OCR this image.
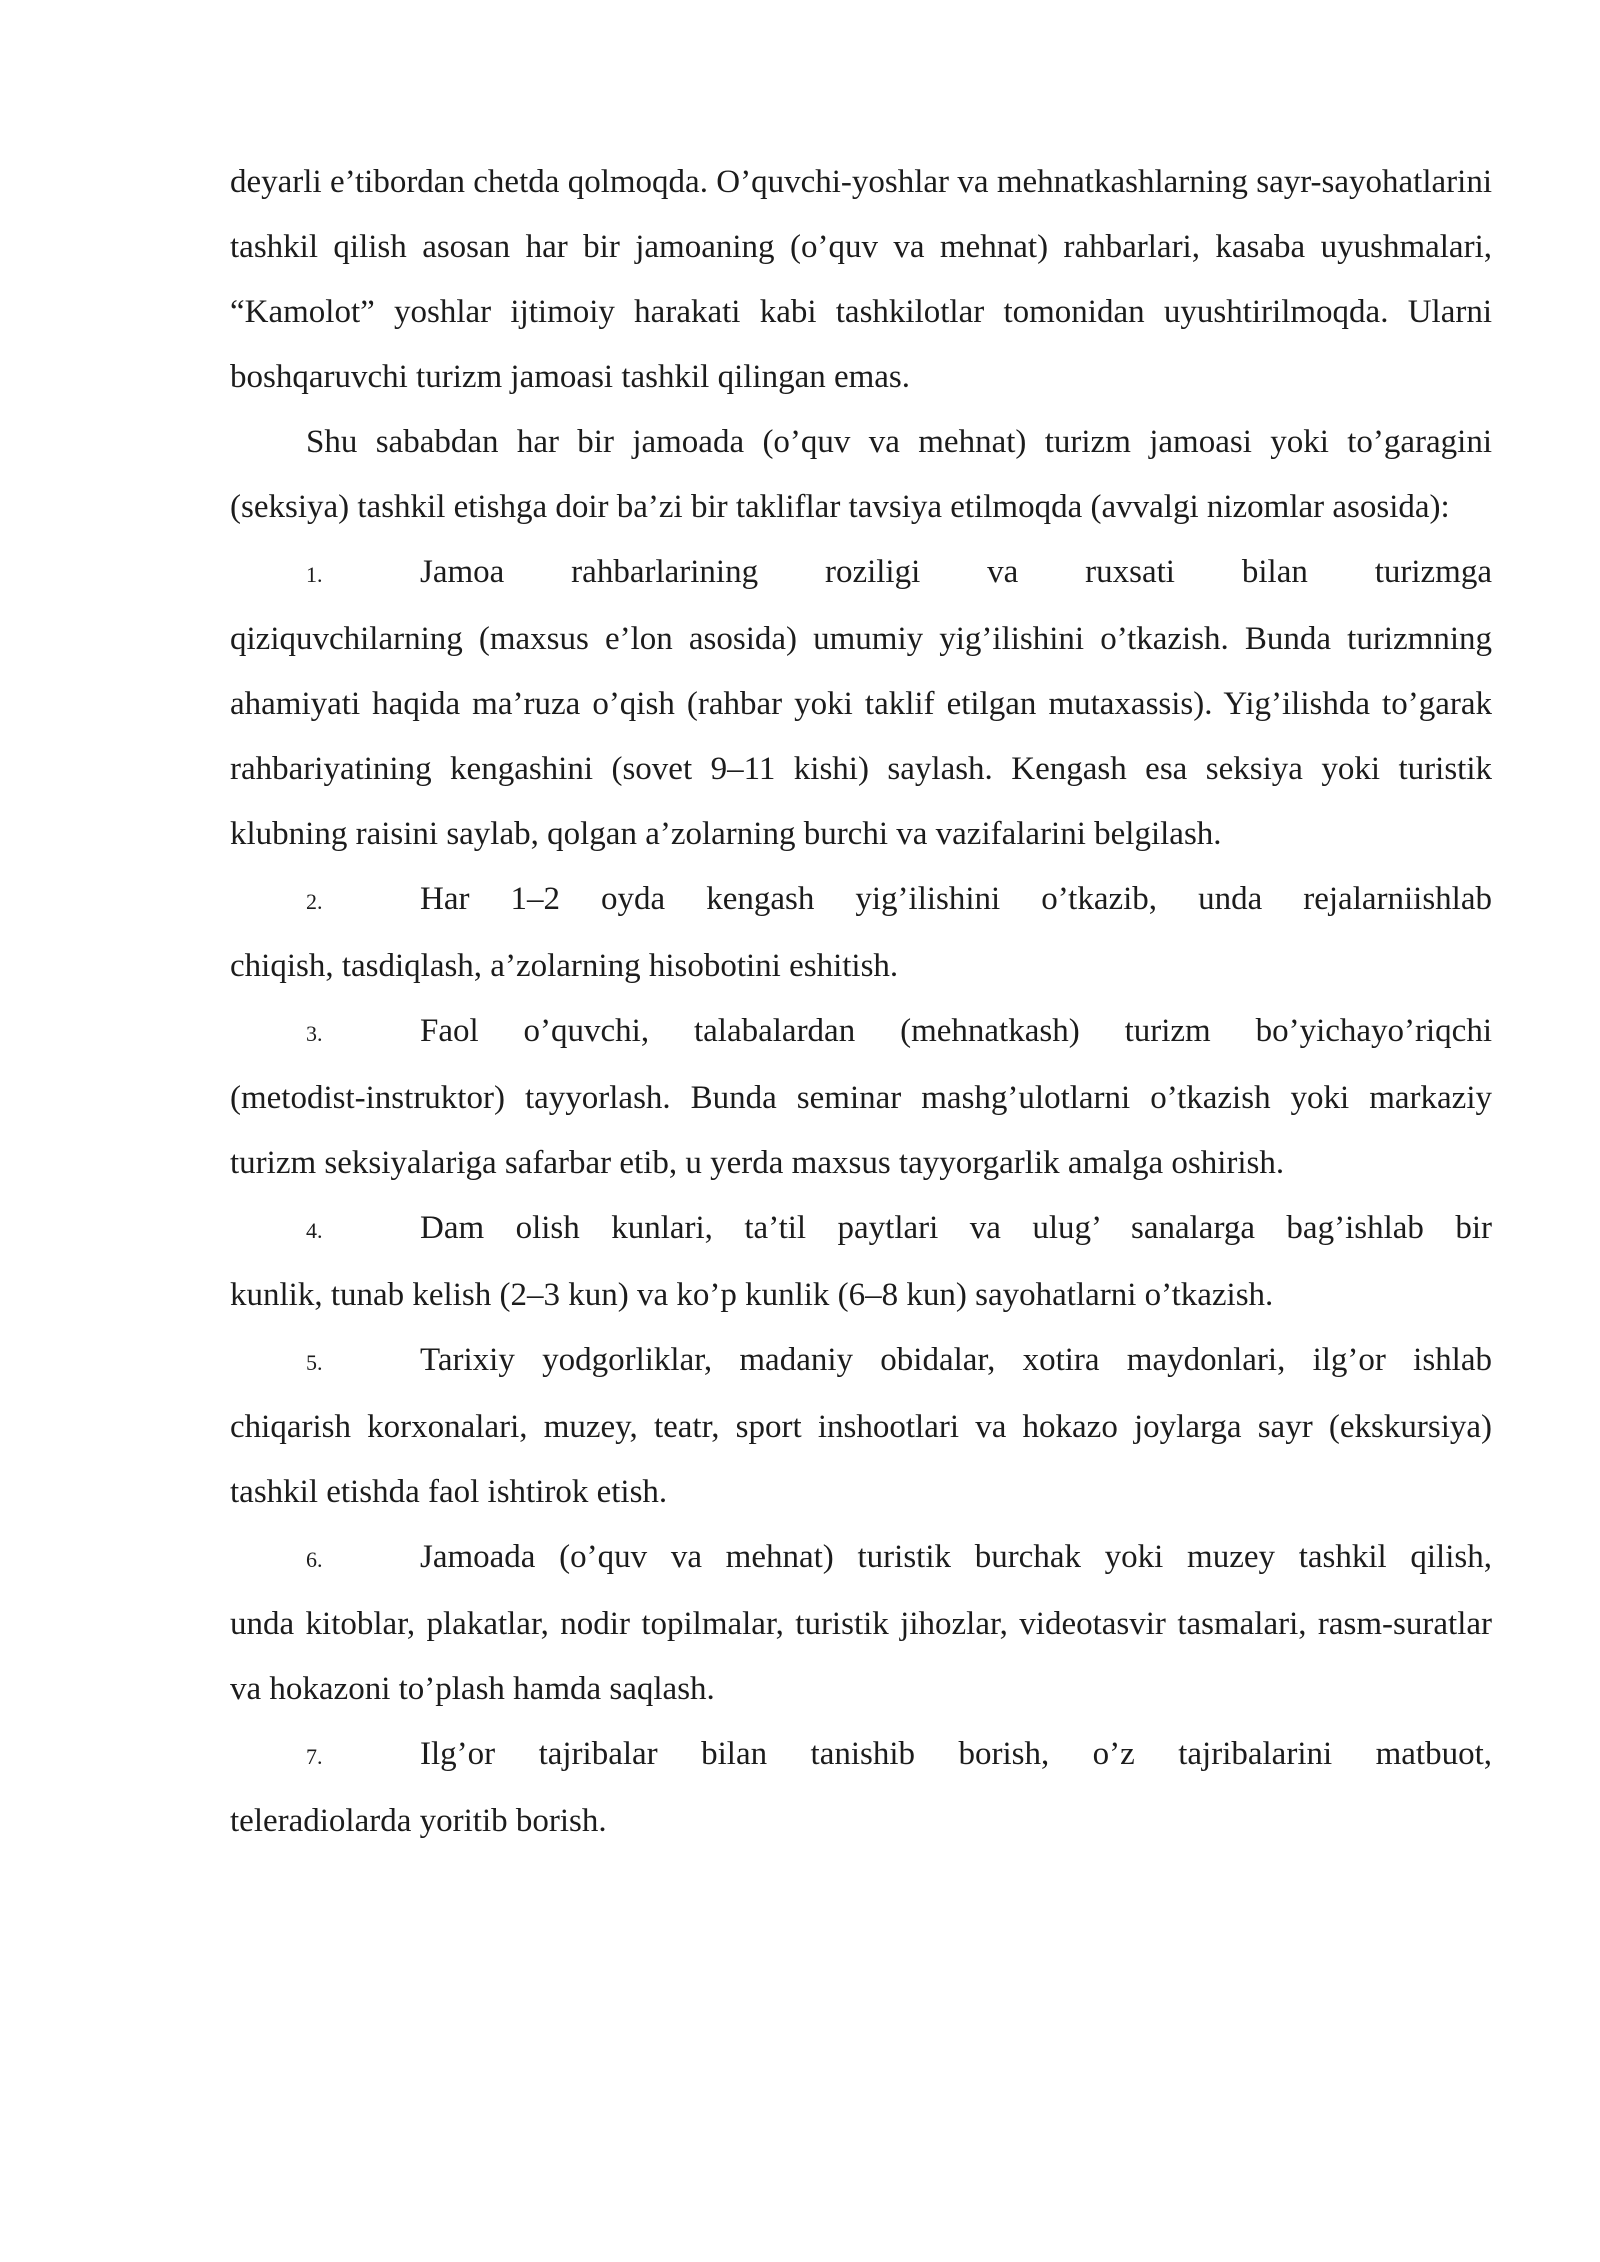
deyarli e’tibordan chetda qolmoqda. O’quvchi-yoshlar va mehnatkashlarning sayr-sayohatlarini tashkil qilish asosan har bir jamoaning (o’quv va mehnat) rahbarlari, kasaba uyushmalari, “Kamolot” yoshlar ijtimoiy harakati kabi tashkilotlar tomonidan uyushtirilmoqda. Ularni boshqaruvchi turizm jamoasi tashkil qilingan emas.

Shu sababdan har bir jamoada (o’quv va mehnat) turizm jamoasi yoki to’garagini (seksiya) tashkil etishga doir ba’zi bir takliflar tavsiya etilmoqda (avvalgi nizomlar asosida):

1.	Jamoa rahbarlarining roziligi va ruxsati bilan turizmga
qiziquvchilarning (maxsus e’lon asosida) umumiy yig’ilishini o’tkazish. Bunda turizmning ahamiyati haqida ma’ruza o’qish (rahbar yoki taklif etilgan mutaxassis). Yig’ilishda to’garak rahbariyatining kengashini (sovet 9–11 kishi) saylash. Kengash esa seksiya yoki turistik klubning raisini saylab, qolgan a’zolarning burchi va vazifalarini belgilash.
2.	Har 1–2 oyda kengash yig’ilishini o’tkazib, unda rejalarniishlab
chiqish, tasdiqlash, a’zolarning hisobotini eshitish.
3.	Faol o’quvchi, talabalardan (mehnatkash) turizm bo’yichayo’riqchi
(metodist-instruktor) tayyorlash. Bunda seminar mashg’ulotlarni o’tkazish yoki markaziy turizm seksiyalariga safarbar etib, u yerda maxsus tayyorgarlik amalga oshirish.
4.	Dam olish kunlari, ta’til paytlari va ulug’ sanalarga bag’ishlab bir
kunlik, tunab kelish (2–3 kun) va ko’p kunlik (6–8 kun) sayohatlarni o’tkazish.
5.	Tarixiy yodgorliklar, madaniy obidalar, xotira maydonlari, ilg’or ishlab
chiqarish korxonalari, muzey, teatr, sport inshootlari va hokazo joylarga sayr (ekskursiya) tashkil etishda faol ishtirok etish.
6.	Jamoada (o’quv va mehnat) turistik burchak yoki muzey tashkil qilish,
unda kitoblar, plakatlar, nodir topilmalar, turistik jihozlar, videotasvir tasmalari, rasm-suratlar va hokazoni to’plash hamda saqlash.
7.	Ilg’or tajribalar bilan tanishib borish, o’z tajribalarini matbuot,
teleradiolarda yoritib borish.
